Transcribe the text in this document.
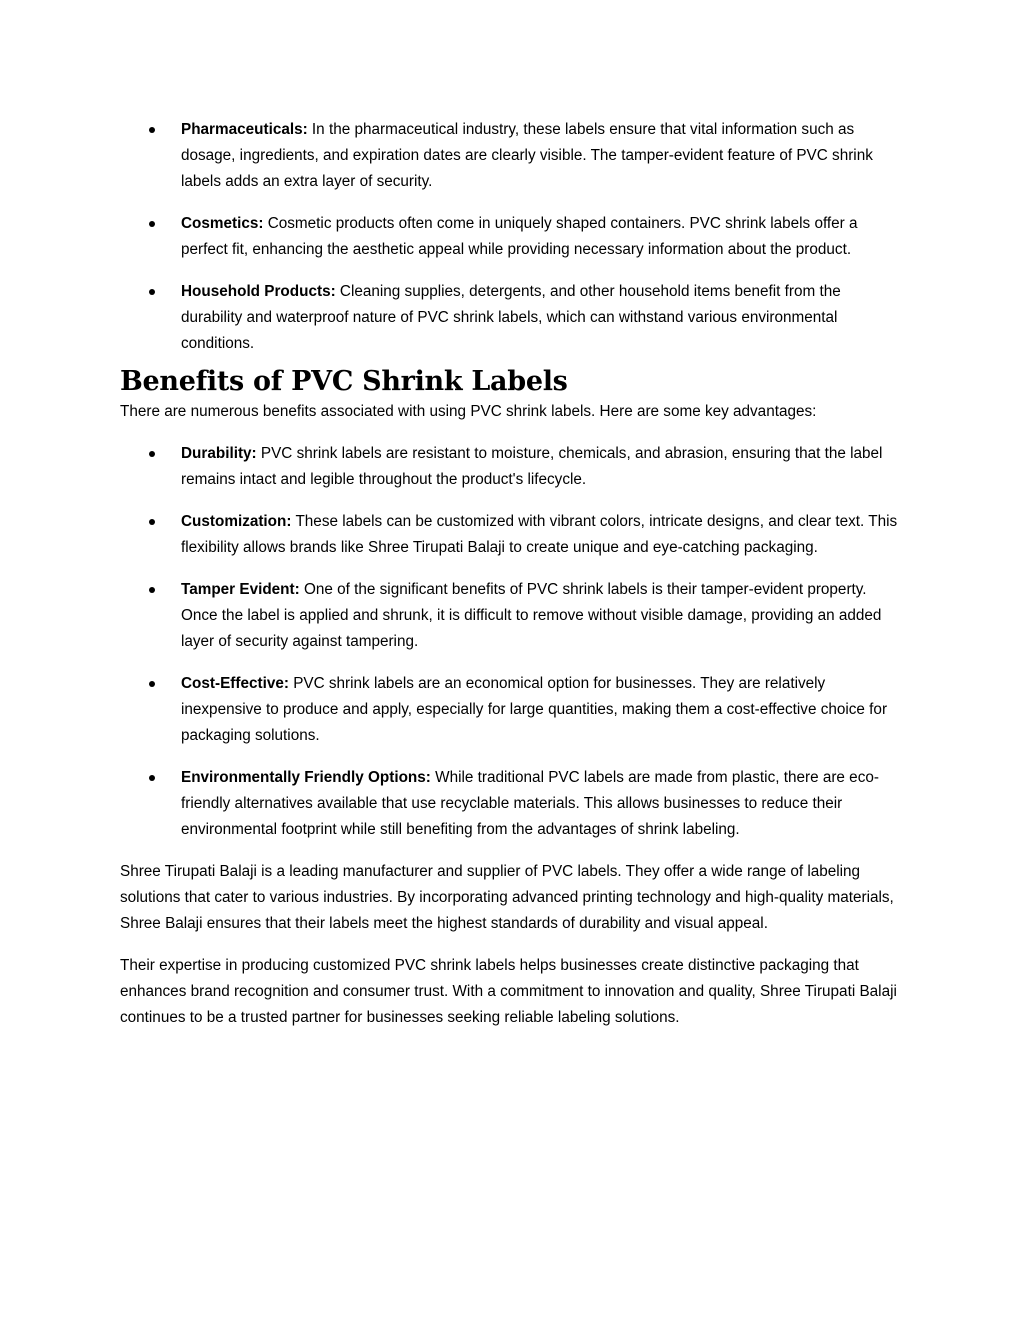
Pharmaceuticals: In the pharmaceutical industry, these labels ensure that vital information such as dosage, ingredients, and expiration dates are clearly visible. The tamper-evident feature of PVC shrink labels adds an extra layer of security.
Cosmetics: Cosmetic products often come in uniquely shaped containers. PVC shrink labels offer a perfect fit, enhancing the aesthetic appeal while providing necessary information about the product.
Household Products: Cleaning supplies, detergents, and other household items benefit from the durability and waterproof nature of PVC shrink labels, which can withstand various environmental conditions.
Benefits of PVC Shrink Labels

There are numerous benefits associated with using PVC shrink labels. Here are some key advantages:

Durability: PVC shrink labels are resistant to moisture, chemicals, and abrasion, ensuring that the label remains intact and legible throughout the product's lifecycle.
Customization: These labels can be customized with vibrant colors, intricate designs, and clear text. This flexibility allows brands like Shree Tirupati Balaji to create unique and eye-catching packaging.
Tamper Evident: One of the significant benefits of PVC shrink labels is their tamper-evident property. Once the label is applied and shrunk, it is difficult to remove without visible damage, providing an added layer of security against tampering.
Cost-Effective: PVC shrink labels are an economical option for businesses. They are relatively inexpensive to produce and apply, especially for large quantities, making them a cost-effective choice for packaging solutions.
Environmentally Friendly Options: While traditional PVC labels are made from plastic, there are eco-friendly alternatives available that use recyclable materials. This allows businesses to reduce their environmental footprint while still benefiting from the advantages of shrink labeling.

Shree Tirupati Balaji is a leading manufacturer and supplier of PVC labels. They offer a wide range of labeling solutions that cater to various industries. By incorporating advanced printing technology and high-quality materials, Shree Balaji ensures that their labels meet the highest standards of durability and visual appeal.

Their expertise in producing customized PVC shrink labels helps businesses create distinctive packaging that enhances brand recognition and consumer trust. With a commitment to innovation and quality, Shree Tirupati Balaji continues to be a trusted partner for businesses seeking reliable labeling solutions.
